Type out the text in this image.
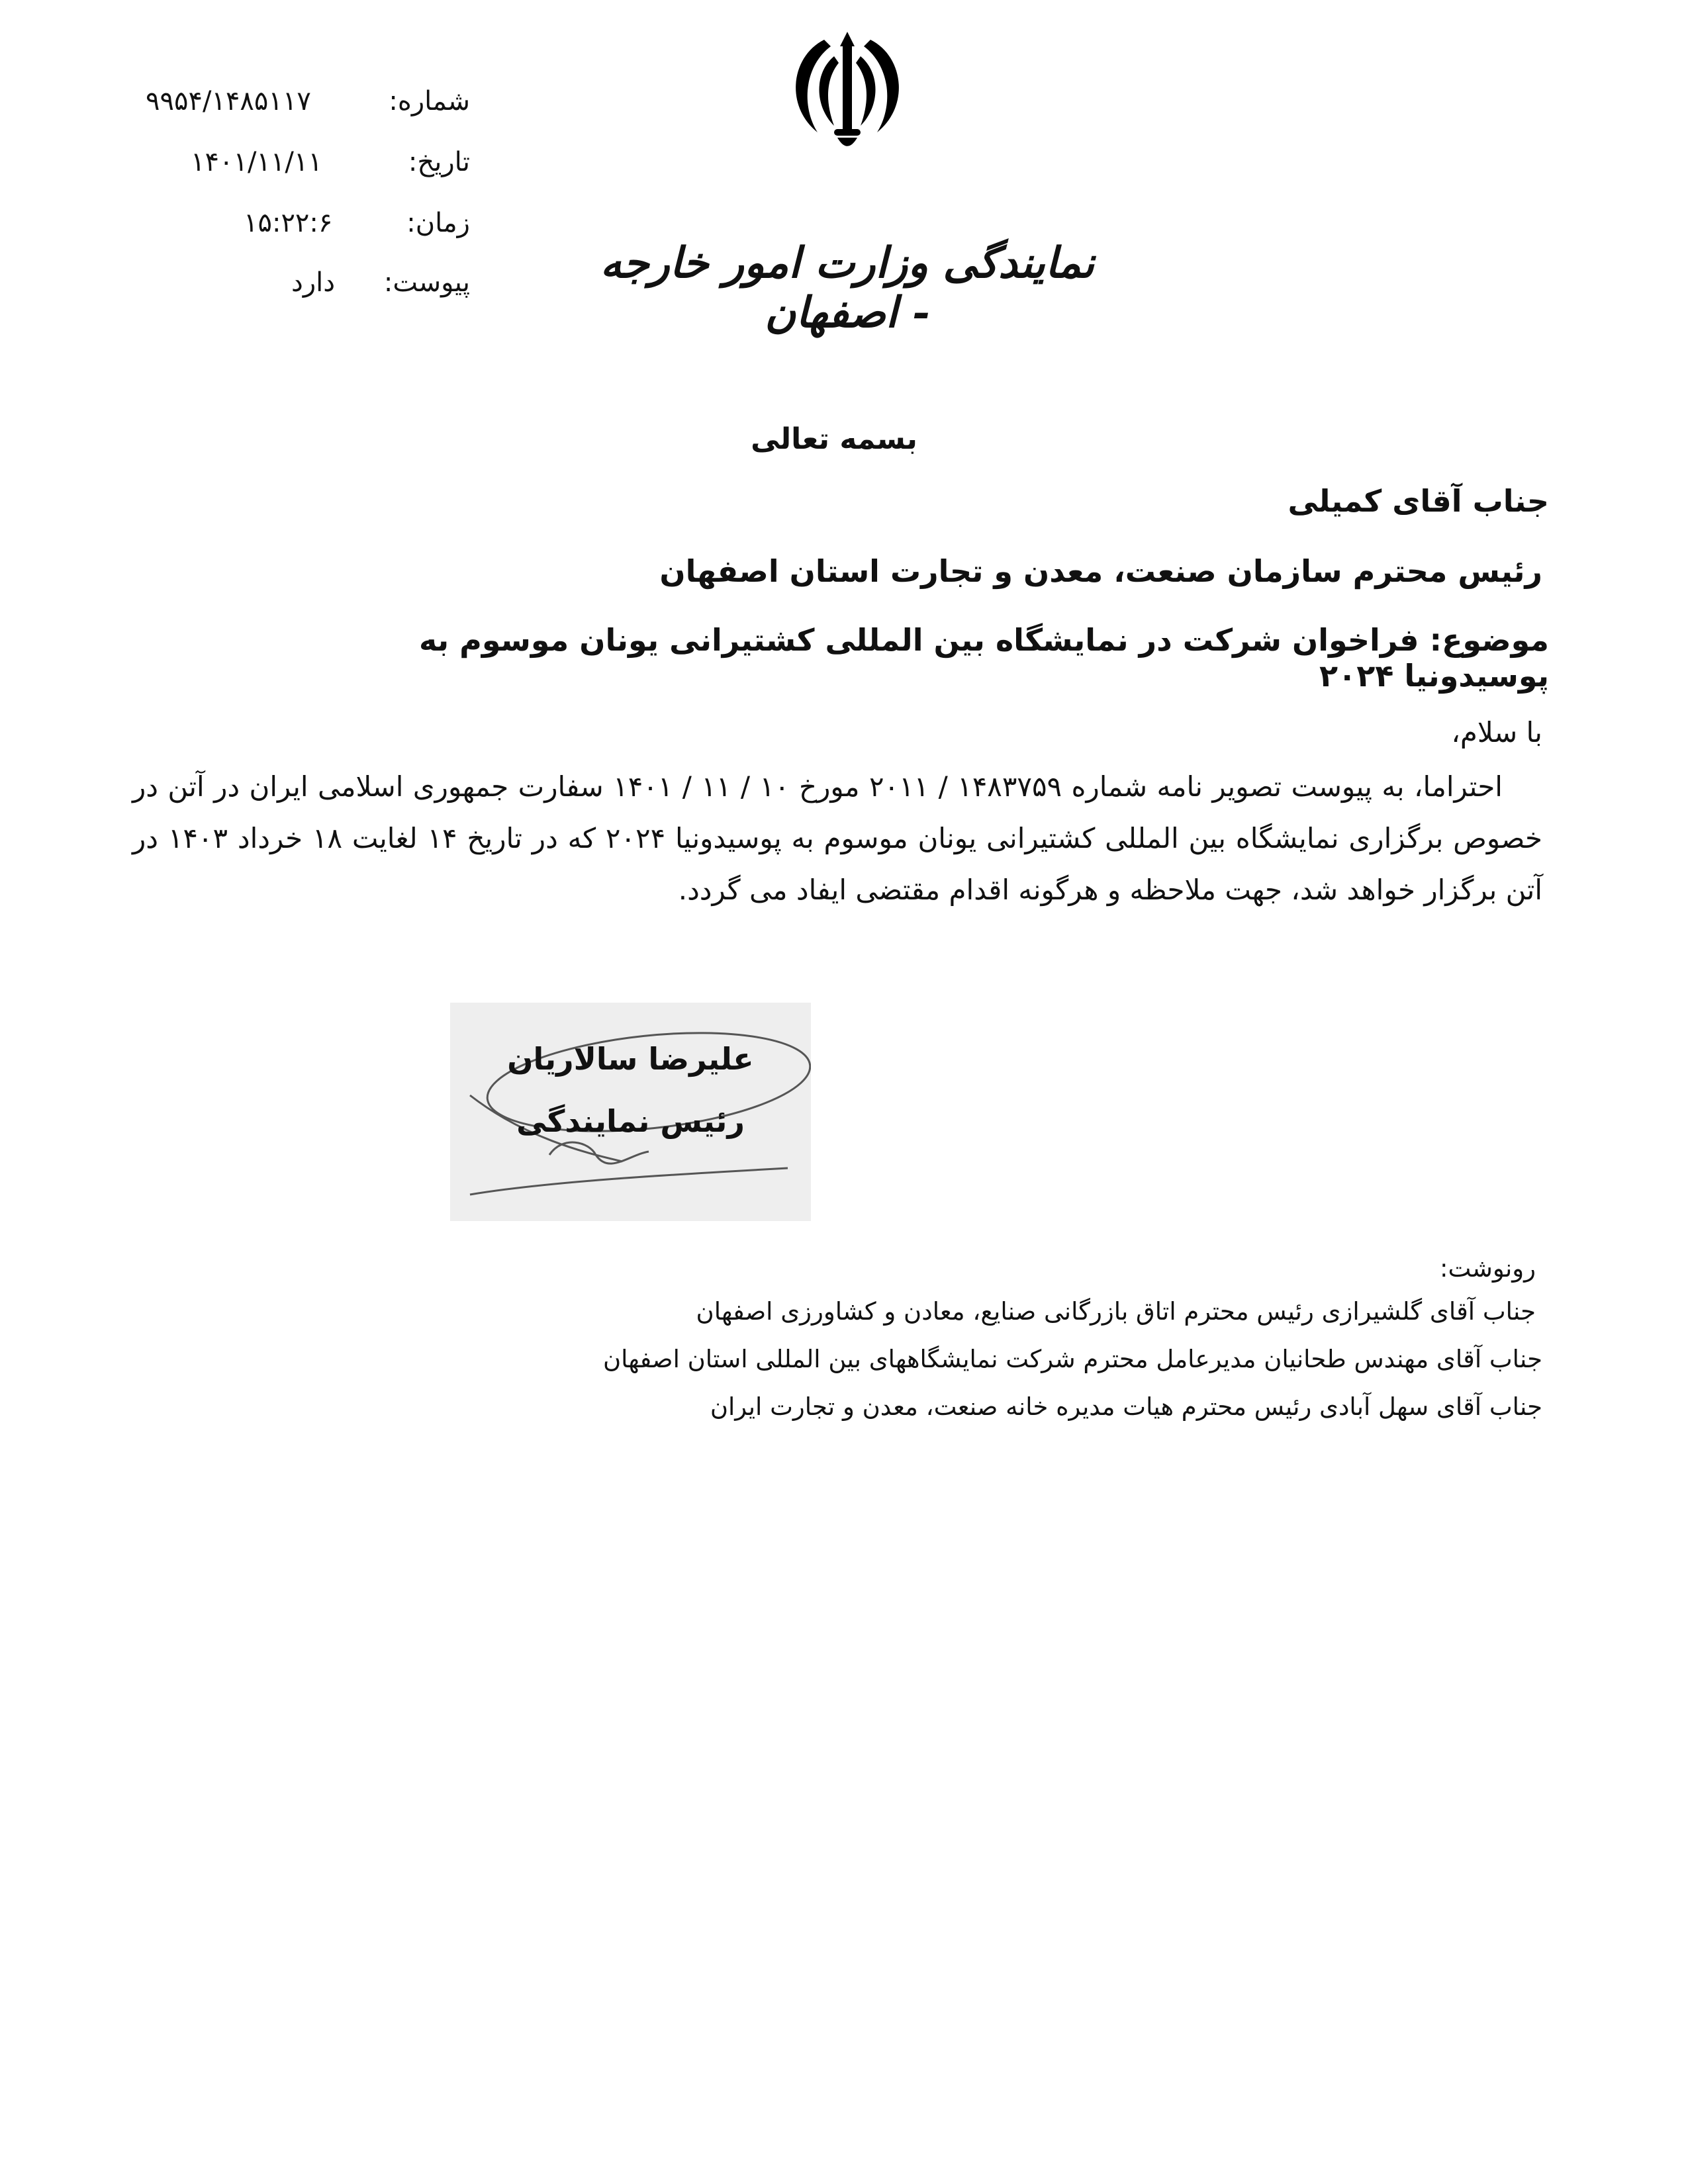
شماره:
۹۹۵۴/۱۴۸۵۱۱۷
تاریخ:
۱۴۰۱/۱۱/۱۱
زمان:
۱۵:۲۲:۶
پیوست:
دارد	نمایندگی وزارت امور خارجه - اصفهان
بسمه تعالی
جناب آقای کمیلی
رئیس محترم سازمان صنعت، معدن و تجارت استان اصفهان
موضوع: فراخوان شرکت در نمایشگاه بین المللی کشتیرانی یونان موسوم به پوسیدونیا ۲۰۲۴
با سلام،
احتراما، به پیوست تصویر نامه شماره ۱۴۸۳۷۵۹ / ۲۰۱۱ مورخ ۱۰ / ۱۱ / ۱۴۰۱ سفارت جمهوری اسلامی ایران در آتن در خصوص برگزاری نمایشگاه بین المللی کشتیرانی یونان موسوم به پوسیدونیا ۲۰۲۴ که در تاریخ ۱۴ لغایت ۱۸ خرداد ۱۴۰۳ در آتن برگزار خواهد شد، جهت ملاحظه و هرگونه اقدام مقتضی ایفاد می گردد.
علیرضا سالاریان
رئیس نمایندگی
رونوشت:
جناب آقای گلشیرازی رئیس محترم اتاق بازرگانی صنایع، معادن و کشاورزی اصفهان
جناب آقای مهندس طحانیان مدیرعامل محترم شرکت نمایشگاههای بین المللی استان اصفهان
جناب آقای سهل آبادی رئیس محترم هیات مدیره خانه صنعت، معدن و تجارت ایران
